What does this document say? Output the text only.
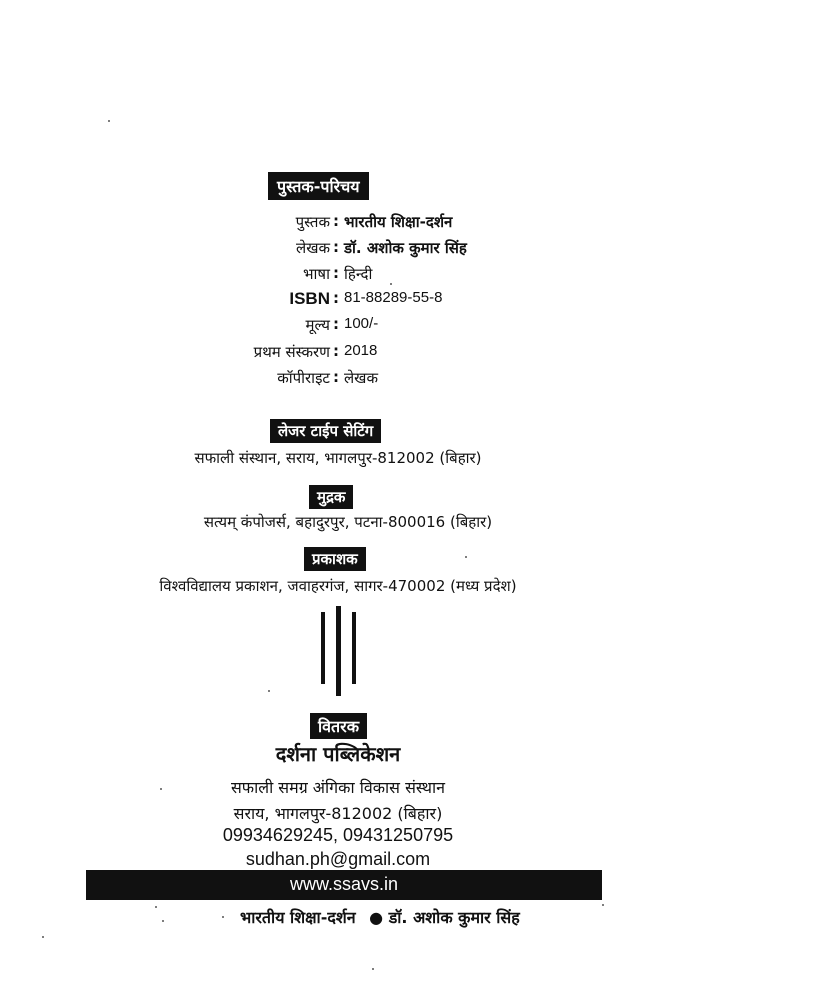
पुस्तक-परिचय
पुस्तक : भारतीय शिक्षा-दर्शन
लेखक : डॉ. अशोक कुमार सिंह
भाषा : हिन्दी
ISBN : 81-88289-55-8
मूल्य : 100/-
प्रथम संस्करण : 2018
कॉपीराइट : लेखक
लेजर टाईप सेटिंग
सफाली संस्थान, सराय, भागलपुर-812002 (बिहार)
मुद्रक
सत्यम् कंपोजर्स, बहादुरपुर, पटना-800016 (बिहार)
प्रकाशक
विश्वविद्यालय प्रकाशन, जवाहरगंज, सागर-470002 (मध्य प्रदेश)
वितरक
दर्शना पब्लिकेशन
सफाली समग्र अंगिका विकास संस्थान
सराय, भागलपुर-812002 (बिहार)
09934629245, 09431250795
sudhan.ph@gmail.com
www.ssavs.in
भारतीय शिक्षा-दर्शन ● डॉ. अशोक कुमार सिंह
